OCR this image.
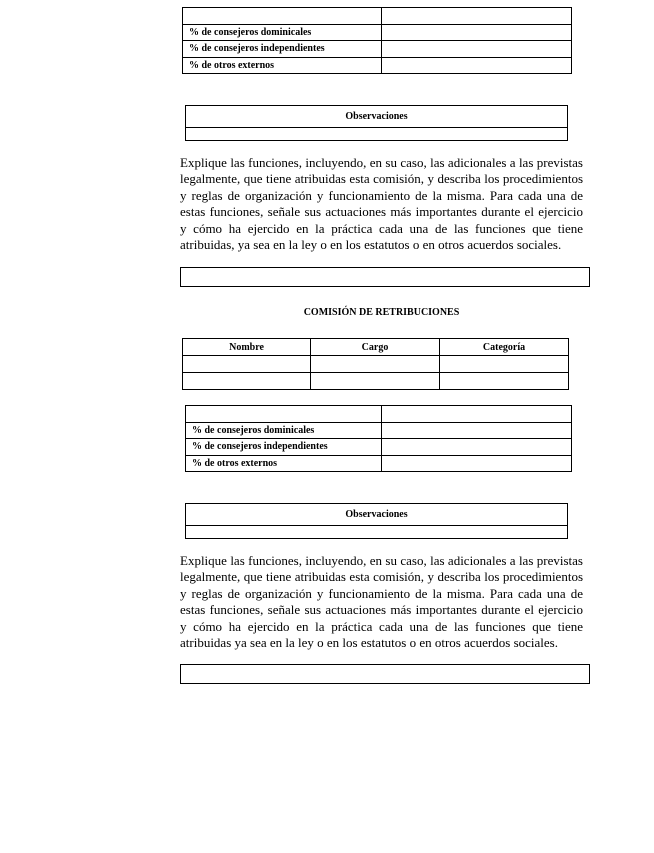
% de consejeros dominicales	
% de consejeros independientes	
% de otros externos	
Observaciones

Explique las funciones, incluyendo, en su caso, las adicionales a las previstas legalmente, que tiene atribuidas esta comisión, y describa los procedimientos y reglas de organización y funcionamiento de la misma. Para cada una de estas funciones, señale sus actuaciones más importantes durante el ejercicio y cómo ha ejercido en la práctica cada una de las funciones que tiene atribuidas, ya sea en la ley o en los estatutos o en otros acuerdos sociales.

COMISIÓN DE RETRIBUCIONES
Nombre	Cargo	Categoría

% de consejeros dominicales	
% de consejeros independientes	
% de otros externos	
Observaciones

Explique las funciones, incluyendo, en su caso, las adicionales a las previstas legalmente, que tiene atribuidas esta comisión, y describa los procedimientos y reglas de organización y funcionamiento de la misma. Para cada una de estas funciones, señale sus actuaciones más importantes durante el ejercicio y cómo ha ejercido en la práctica cada una de las funciones que tiene atribuidas ya sea en la ley o en los estatutos o en otros acuerdos sociales.
